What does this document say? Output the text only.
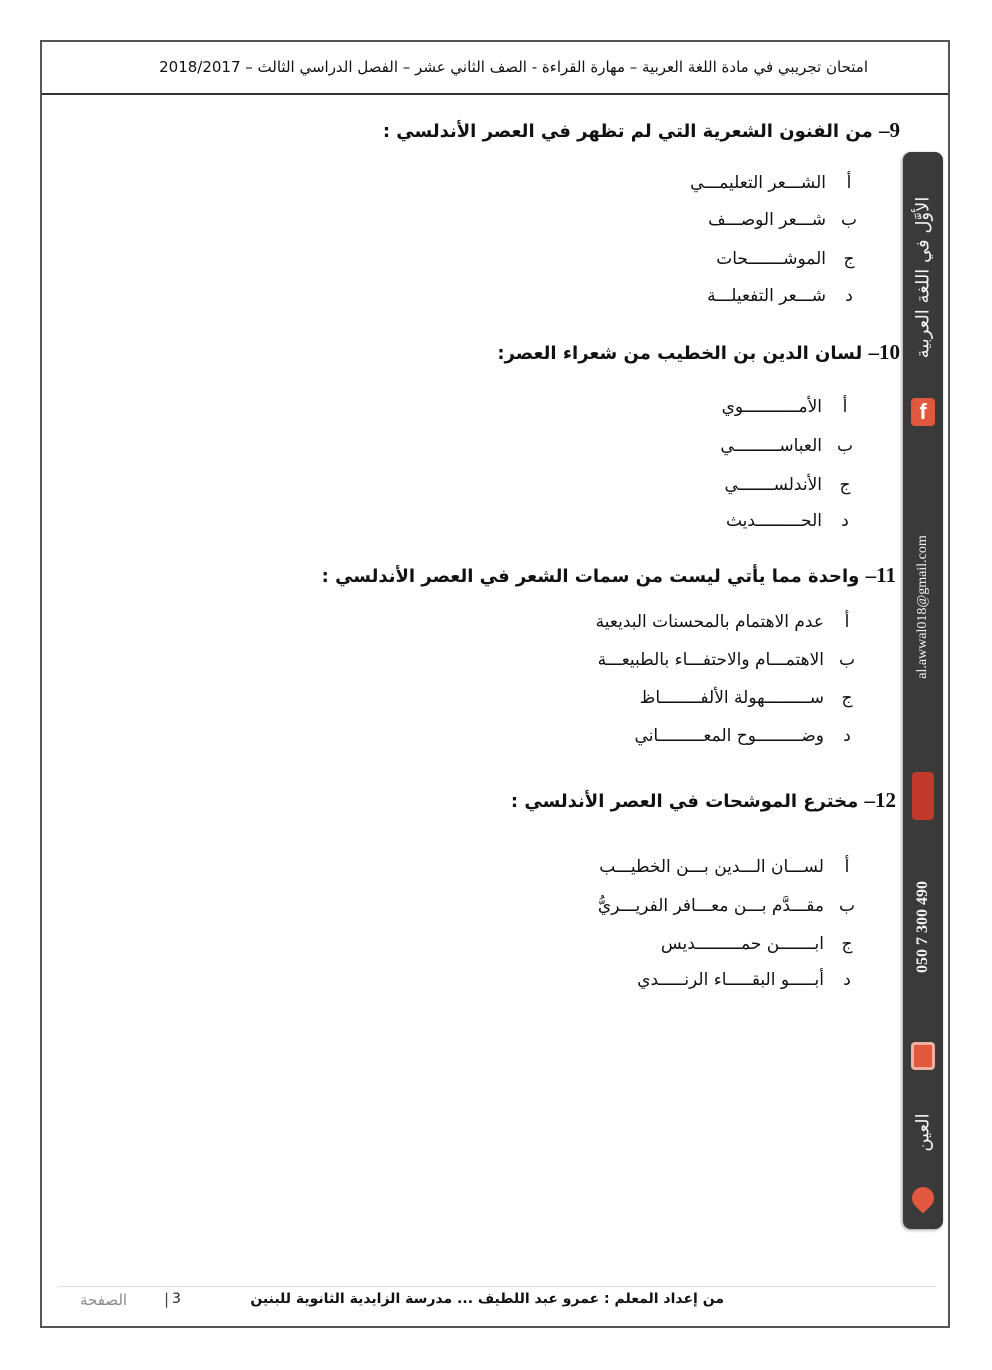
امتحان تجريبي في مادة اللغة العربية – مهارة القراءة - الصف الثاني عشر – الفصل الدراسي الثالث – 2018/2017
9– من الفنون الشعرية التي لم تظهر في العصر الأندلسي :
أالشـــعر التعليمـــي
بشـــعر الوصـــف
جالموشـــــــحات
دشـــعر التفعيلـــة
10– لسان الدين بن الخطيب من شعراء العصر:
أالأمـــــــــــوي
بالعباســـــــــي
جالأندلســـــــي
دالحـــــــــديث
11– واحدة مما يأتي ليست من سمات الشعر في العصر الأندلسي :
أعدم الاهتمام بالمحسنات البديعية
بالاهتمـــام والاحتفـــاء بالطبيعـــة
جســـــــــهولة الألفــــــــاظ
دوضـــــــــوح المعـــــــــاني
12– مخترع الموشحات في العصر الأندلسي :
ألســـان الـــدين بـــن الخطيـــب
بمقـــدَّم بـــن معـــافر الفريـــريُّ
جابـــــــن حمـــــــــديس
دأبـــــو البقـــــاء الرنـــــدي
الأوَّل في اللغة العربية
f
al.awwal018@gmail.com
050 7 300 490
العين
الصفحة | 3	من إعداد المعلم : عمرو عبد اللطيف ... مدرسة الزايدية الثانوية للبنين
